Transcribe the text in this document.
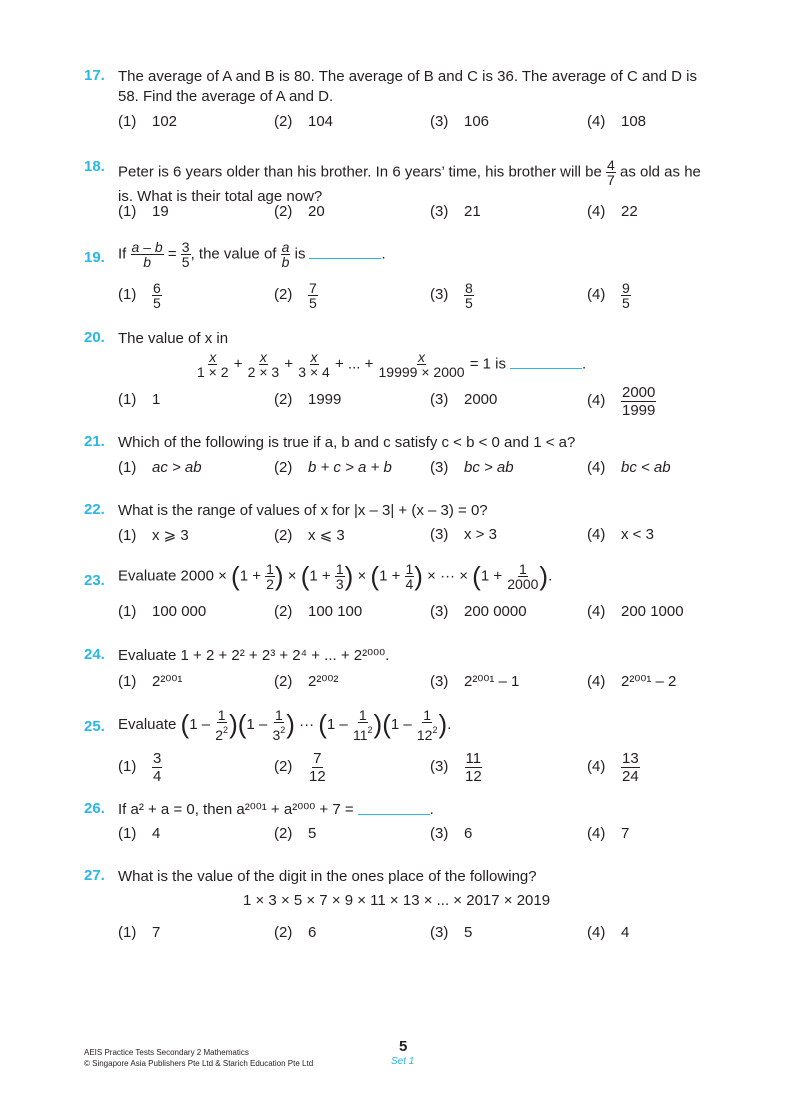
17. The average of A and B is 80. The average of B and C is 36. The average of C and D is
58. Find the average of A and D.
(1) 102	(2) 104	(3) 106	(4) 108
18. Peter is 6 years older than his brother. In 6 years’ time, his brother will be $\frac{4}{7}$ as old as he
is. What is their total age now?
(1) 19	(2) 20	(3) 21	(4) 22
19. If $\frac{a - b}{b} = \frac{3}{5}$ , the value of $\frac{a}{b}$ is	.
$(1) \frac{6}{5}$	$(2) \frac{7}{5}$	$(3) \frac{8}{5}$	$(4) \frac{9}{5}$
20. The value of x in
$\frac{x}{1 \times 2} + \frac{x}{2 \times 3} + \frac{x}{3 \times 4}$ + ... + $\frac{x}{19999 \times 2000} = 1$ is	.
(1) 1	(2) 1999	(3) 2000	$(4) \frac{2000}{1999}$
21. Which of the following is true if a, b and c satisfy c < b < 0 and 1 < a?
(1) ac > ab	(2) b + c > a + b	(3) bc > ab	(4) bc < ab
22. What is the range of values of x for |x – 3| + (x – 3) = 0?
(1) x ⩾ 3	(2) x ⩽ 3	(3) x > 3	(4) x < 3
23. Evaluate $2000 \times (1 + \frac{1}{2}$ ) × ($1 + \frac{1}{3}$ ) × ($1 + \frac{1}{4}$ ) × ··· × ($1 + \frac{1}{2000}$ ).
(1) 100 000	(2) 100 100	(3) 200 0000	(4) 200 1000
24. Evaluate 1 + 2 + 2² + 2³ + 2⁴ + ... + 2²⁰⁰⁰.
(1) 2²⁰⁰¹	(2) 2²⁰⁰²	(3) 2²⁰⁰¹ – 1	(4) 2²⁰⁰¹ – 2
25. Evaluate $(1 - \frac{1}{2^2} )(1 - \frac{1}{3^2}$ ) ··· $(1 - \frac{1}{11^2} )(1 - \frac{1}{12^2}$ ).
$(1) \frac{3}{4}$	$(2) \frac{7}{12}$	$(3) \frac{11}{12}$	$(4) \frac{13}{24}$
26. If a² + a = 0, then a²⁰⁰¹ + a²⁰⁰⁰ + 7 =	.
(1) 4	(2) 5	(3) 6	(4) 7
27. What is the value of the digit in the ones place of the following?
1 × 3 × 5 × 7 × 9 × 11 × 13 × ... × 2017 × 2019
(1) 7	(2) 6	(3) 5	(4) 4
AEIS Practice Tests Secondary 2 Mathematics
© Singapore Asia Publishers Pte Ltd & Starich Education Pte Ltd
5
Set 1
